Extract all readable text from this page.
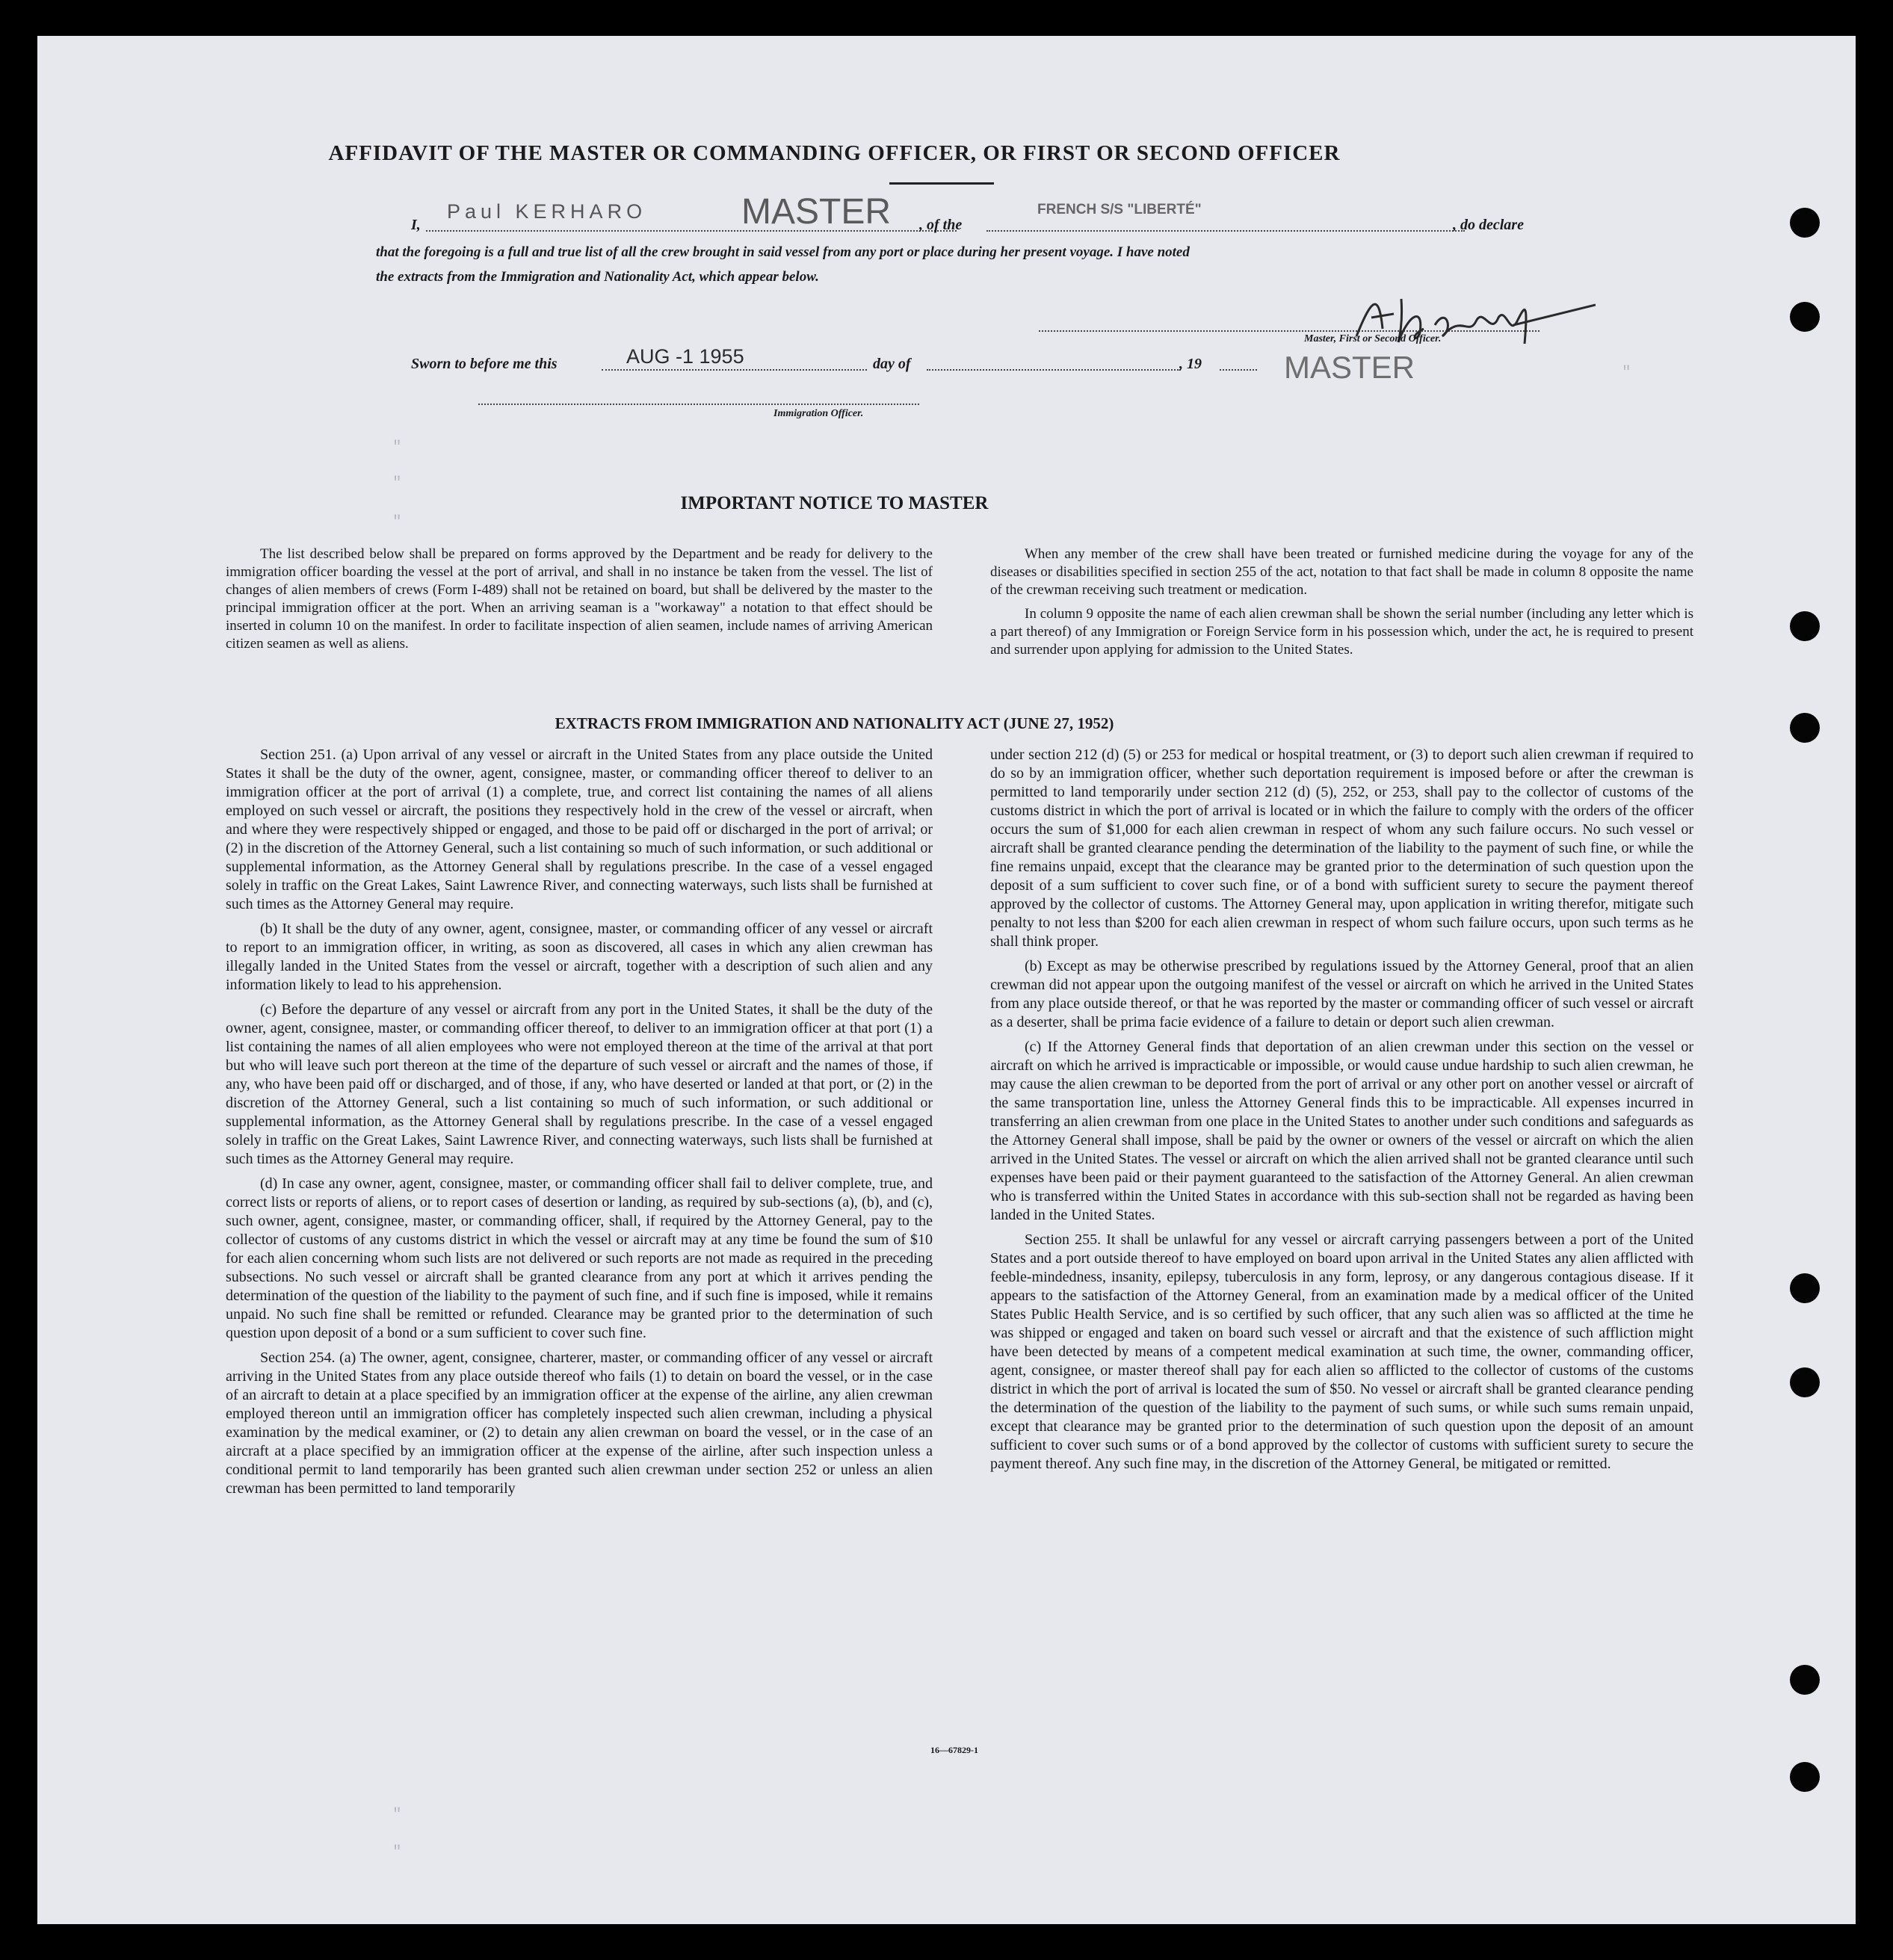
"
"
"
"
"
"
AFFIDAVIT OF THE MASTER OR COMMANDING OFFICER, OR FIRST OR SECOND OFFICER
I,
Paul KERHARO	MASTER , of the
FRENCH S/S "LIBERTÉ"
, do declare
that the foregoing is a full and true list of all the crew brought in said vessel from any port or place during her present voyage. I have noted
the extracts from the Immigration and Nationality Act, which appear below.
Master, First or Second Officer.
Sworn to before me this	AUG -1 1955	day of	, 19	MASTER
Immigration Officer.
IMPORTANT NOTICE TO MASTER

The list described below shall be prepared on forms approved by the Department and be ready for delivery to the immigration officer boarding the vessel at the port of arrival, and shall in no instance be taken from the vessel. The list of changes of alien members of crews (Form I-489) shall not be retained on board, but shall be delivered by the master to the principal immigration officer at the port. When an arriving seaman is a "workaway" a notation to that effect should be inserted in column 10 on the manifest. In order to facilitate inspection of alien seamen, include names of arriving American citizen seamen as well as aliens.

When any member of the crew shall have been treated or furnished medicine during the voyage for any of the diseases or disabilities specified in section 255 of the act, notation to that fact shall be made in column 8 opposite the name of the crewman receiving such treatment or medication.

In column 9 opposite the name of each alien crewman shall be shown the serial number (including any letter which is a part thereof) of any Immigration or Foreign Service form in his possession which, under the act, he is required to present and surrender upon applying for admission to the United States.

EXTRACTS FROM IMMIGRATION AND NATIONALITY ACT (JUNE 27, 1952)

Section 251. (a) Upon arrival of any vessel or aircraft in the United States from any place outside the United States it shall be the duty of the owner, agent, consignee, master, or commanding officer thereof to deliver to an immigration officer at the port of arrival (1) a complete, true, and correct list containing the names of all aliens employed on such vessel or aircraft, the positions they respectively hold in the crew of the vessel or aircraft, when and where they were respectively shipped or engaged, and those to be paid off or discharged in the port of arrival; or (2) in the discretion of the Attorney General, such a list containing so much of such information, or such additional or supplemental information, as the Attorney General shall by regulations prescribe. In the case of a vessel engaged solely in traffic on the Great Lakes, Saint Lawrence River, and connecting waterways, such lists shall be furnished at such times as the Attorney General may require.

(b) It shall be the duty of any owner, agent, consignee, master, or commanding officer of any vessel or aircraft to report to an immigration officer, in writing, as soon as discovered, all cases in which any alien crewman has illegally landed in the United States from the vessel or aircraft, together with a description of such alien and any information likely to lead to his apprehension.

(c) Before the departure of any vessel or aircraft from any port in the United States, it shall be the duty of the owner, agent, consignee, master, or commanding officer thereof, to deliver to an immigration officer at that port (1) a list containing the names of all alien employees who were not employed thereon at the time of the arrival at that port but who will leave such port thereon at the time of the departure of such vessel or aircraft and the names of those, if any, who have been paid off or discharged, and of those, if any, who have deserted or landed at that port, or (2) in the discretion of the Attorney General, such a list containing so much of such information, or such additional or supplemental information, as the Attorney General shall by regulations prescribe. In the case of a vessel engaged solely in traffic on the Great Lakes, Saint Lawrence River, and connecting waterways, such lists shall be furnished at such times as the Attorney General may require.

(d) In case any owner, agent, consignee, master, or commanding officer shall fail to deliver complete, true, and correct lists or reports of aliens, or to report cases of desertion or landing, as required by sub-sections (a), (b), and (c), such owner, agent, consignee, master, or commanding officer, shall, if required by the Attorney General, pay to the collector of customs of any customs district in which the vessel or aircraft may at any time be found the sum of $10 for each alien concerning whom such lists are not delivered or such reports are not made as required in the preceding subsections. No such vessel or aircraft shall be granted clearance from any port at which it arrives pending the determination of the question of the liability to the payment of such fine, and if such fine is imposed, while it remains unpaid. No such fine shall be remitted or refunded. Clearance may be granted prior to the determination of such question upon deposit of a bond or a sum sufficient to cover such fine.

Section 254. (a) The owner, agent, consignee, charterer, master, or commanding officer of any vessel or aircraft arriving in the United States from any place outside thereof who fails (1) to detain on board the vessel, or in the case of an aircraft to detain at a place specified by an immigration officer at the expense of the airline, any alien crewman employed thereon until an immigration officer has completely inspected such alien crewman, including a physical examination by the medical examiner, or (2) to detain any alien crewman on board the vessel, or in the case of an aircraft at a place specified by an immigration officer at the expense of the airline, after such inspection unless a conditional permit to land temporarily has been granted such alien crewman under section 252 or unless an alien crewman has been permitted to land temporarily

under section 212 (d) (5) or 253 for medical or hospital treatment, or (3) to deport such alien crewman if required to do so by an immigration officer, whether such deportation requirement is imposed before or after the crewman is permitted to land temporarily under section 212 (d) (5), 252, or 253, shall pay to the collector of customs of the customs district in which the port of arrival is located or in which the failure to comply with the orders of the officer occurs the sum of $1,000 for each alien crewman in respect of whom any such failure occurs. No such vessel or aircraft shall be granted clearance pending the determination of the liability to the payment of such fine, or while the fine remains unpaid, except that the clearance may be granted prior to the determination of such question upon the deposit of a sum sufficient to cover such fine, or of a bond with sufficient surety to secure the payment thereof approved by the collector of customs. The Attorney General may, upon application in writing therefor, mitigate such penalty to not less than $200 for each alien crewman in respect of whom such failure occurs, upon such terms as he shall think proper.

(b) Except as may be otherwise prescribed by regulations issued by the Attorney General, proof that an alien crewman did not appear upon the outgoing manifest of the vessel or aircraft on which he arrived in the United States from any place outside thereof, or that he was reported by the master or commanding officer of such vessel or aircraft as a deserter, shall be prima facie evidence of a failure to detain or deport such alien crewman.

(c) If the Attorney General finds that deportation of an alien crewman under this section on the vessel or aircraft on which he arrived is impracticable or impossible, or would cause undue hardship to such alien crewman, he may cause the alien crewman to be deported from the port of arrival or any other port on another vessel or aircraft of the same transportation line, unless the Attorney General finds this to be impracticable. All expenses incurred in transferring an alien crewman from one place in the United States to another under such conditions and safeguards as the Attorney General shall impose, shall be paid by the owner or owners of the vessel or aircraft on which the alien arrived in the United States. The vessel or aircraft on which the alien arrived shall not be granted clearance until such expenses have been paid or their payment guaranteed to the satisfaction of the Attorney General. An alien crewman who is transferred within the United States in accordance with this sub-section shall not be regarded as having been landed in the United States.

Section 255. It shall be unlawful for any vessel or aircraft carrying passengers between a port of the United States and a port outside thereof to have employed on board upon arrival in the United States any alien afflicted with feeble-mindedness, insanity, epilepsy, tuberculosis in any form, leprosy, or any dangerous contagious disease. If it appears to the satisfaction of the Attorney General, from an examination made by a medical officer of the United States Public Health Service, and is so certified by such officer, that any such alien was so afflicted at the time he was shipped or engaged and taken on board such vessel or aircraft and that the existence of such affliction might have been detected by means of a competent medical examination at such time, the owner, commanding officer, agent, consignee, or master thereof shall pay for each alien so afflicted to the collector of customs of the customs district in which the port of arrival is located the sum of $50. No vessel or aircraft shall be granted clearance pending the determination of the question of the liability to the payment of such sums, or while such sums remain unpaid, except that clearance may be granted prior to the determination of such question upon the deposit of an amount sufficient to cover such sums or of a bond approved by the collector of customs with sufficient surety to secure the payment thereof. Any such fine may, in the discretion of the Attorney General, be mitigated or remitted.

16—67829-1
